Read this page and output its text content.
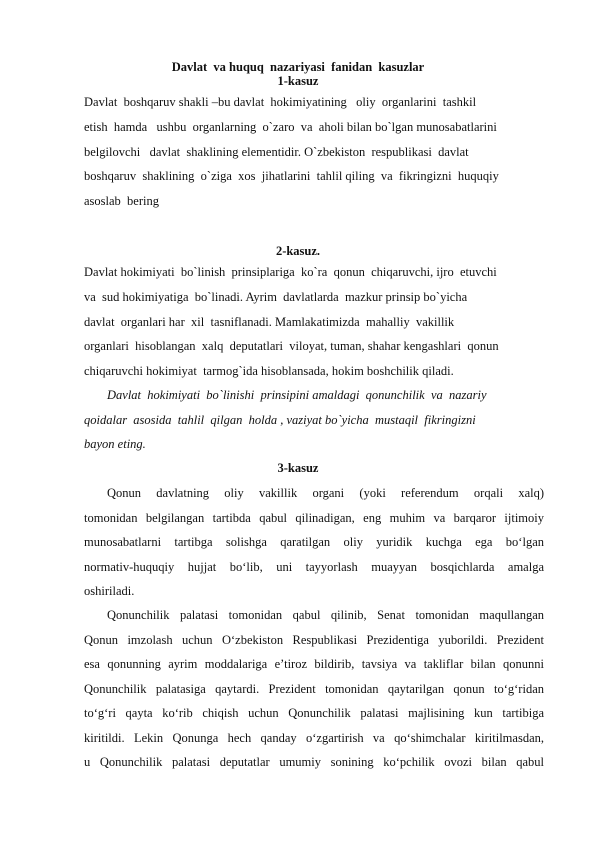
Davlat  va huquq  nazariyasi  fanidan  kasuzlar
1-kasuz
Davlat  boshqaruv shakli –bu davlat  hokimiyatining   oliy  organlarini  tashkil
etish  hamda   ushbu  organlarning  o`zaro  va  aholi bilan bo`lgan munosabatlarini
belgilovchi   davlat  shaklining elementidir. O`zbekiston  respublikasi  davlat
boshqaruv  shaklining  o`ziga  xos  jihatlarini  tahlil qiling  va  fikringizni  huquqiy
asoslab  bering
2-kasuz.
Davlat hokimiyati  bo`linish  prinsiplariga  ko`ra  qonun  chiqaruvchi, ijro  etuvchi
va  sud hokimiyatiga  bo`linadi. Ayrim  davlatlarda  mazkur prinsip bo`yicha
davlat  organlari har  xil  tasniflanadi. Mamlakatimizda  mahalliy  vakillik
organlari  hisoblangan  xalq  deputatlari  viloyat, tuman, shahar kengashlari  qonun
chiqaruvchi hokimiyat  tarmog`ida hisoblansada, hokim boshchilik qiladi.
Davlat  hokimiyati  bo`linishi  prinsipini amaldagi  qonunchilik  va  nazariy
qoidalar  asosida  tahlil  qilgan  holda , vaziyat bo`yicha  mustaqil  fikringizni
bayon etіng.
3-kasuz
Qonun davlatning oliy vakillik organi (yoki referendum orqali xalq)
tomonidan belgilangan tartibda qabul qilinadigan, eng muhim va barqaror ijtimoiy
munosabatlarni tartibga solishga qaratilgan oliy yuridik kuchga ega bo‘lgan
normativ-huquqiy hujjat bo‘lib, uni tayyorlash muayyan bosqichlarda amalga
oshiriladi.
Qonunchilik palatasi tomonidan qabul qilinib, Senat tomonidan maqullangan
Qonun imzolash uchun O‘zbekiston Respublikasi Prezidentiga yuborildi. Prezident
esa qonunning ayrim moddalariga e’tiroz bildirib, tavsiya va takliflar bilan qonunni
Qonunchilik palatasiga qaytardi. Prezident tomonidan qaytarilgan qonun to‘g‘ridan
to‘g‘ri qayta ko‘rib chiqish uchun Qonunchilik palatasi majlisining kun tartibiga
kiritildi. Lekin Qonunga hech qanday o‘zgartirish va qo‘shimchalar kiritilmasdan,
u Qonunchilik palatasi deputatlar umumiy sonining ko‘pchilik ovozi bilan qabul
